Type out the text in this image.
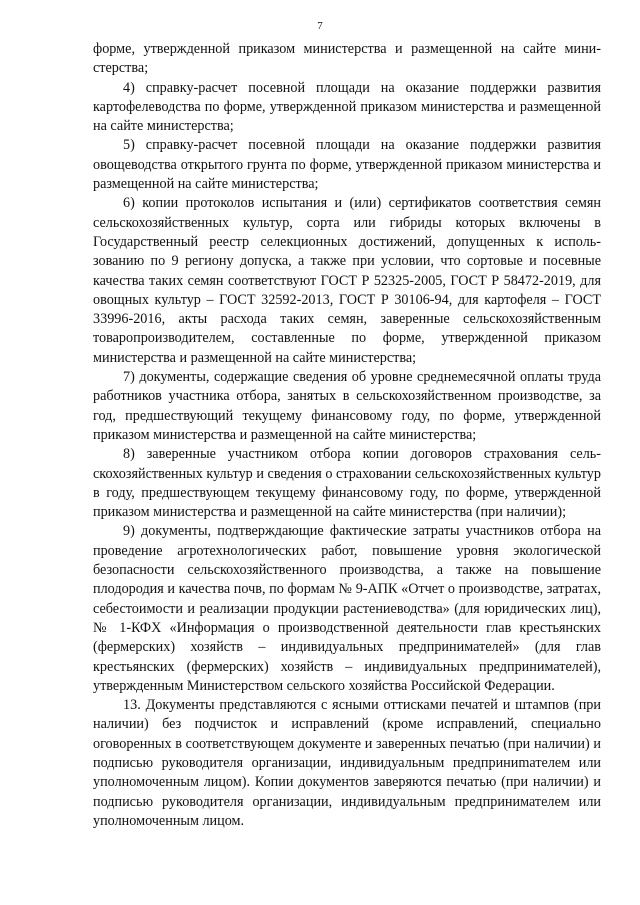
7

форме, утвержденной приказом министерства и размещенной на сайте министерства;

4) справку-расчет посевной площади на оказание поддержки развития картофелеводства по форме, утвержденной приказом министерства и размещенной на сайте министерства;

5) справку-расчет посевной площади на оказание поддержки развития овощеводства открытого грунта по форме, утвержденной приказом министерства и размещенной на сайте министерства;

6) копии протоколов испытания и (или) сертификатов соответствия семян сельскохозяйственных культур, сорта или гибриды которых включены в Государственный реестр селекционных достижений, допущенных к использованию по 9 региону допуска, а также при условии, что сортовые и посевные качества таких семян соответствуют ГОСТ Р 52325-2005, ГОСТ Р 58472-2019, для овощных культур – ГОСТ 32592-2013, ГОСТ Р 30106-94, для картофеля – ГОСТ 33996-2016, акты расхода таких семян, заверенные сельскохозяйственным товаропроизводителем, составленные по форме, утвержденной приказом министерства и размещенной на сайте министерства;

7) документы, содержащие сведения об уровне среднемесячной оплаты труда работников участника отбора, занятых в сельскохозяйственном производстве, за год, предшествующий текущему финансовому году, по форме, утвержденной приказом министерства и размещенной на сайте министерства;

8) заверенные участником отбора копии договоров страхования сельскохозяйственных культур и сведения о страховании сельскохозяйственных культур в году, предшествующем текущему финансовому году, по форме, утвержденной приказом министерства и размещенной на сайте министерства (при наличии);

9) документы, подтверждающие фактические затраты участников отбора на проведение агротехнологических работ, повышение уровня экологической безопасности сельскохозяйственного производства, а также на повышение плодородия и качества почв, по формам № 9-АПК «Отчет о производстве, затратах, себестоимости и реализации продукции растениеводства» (для юридических лиц), № 1-КФХ «Информация о производственной деятельности глав крестьянских (фермерских) хозяйств – индивидуальных предпринимателей» (для глав крестьянских (фермерских) хозяйств – индивидуальных предпринимателей), утвержденным Министерством сельского хозяйства Российской Федерации.

13. Документы представляются с ясными оттисками печатей и штампов (при наличии) без подчисток и исправлений (кроме исправлений, специально оговоренных в соответствующем документе и заверенных печатью (при наличии) и подписью руководителя организации, индивидуальным предприниmателем или уполномоченным лицом). Копии документов заверяются печатью (при наличии) и подписью руководителя организации, индивидуальным предпринимателем или уполномоченным лицом.
